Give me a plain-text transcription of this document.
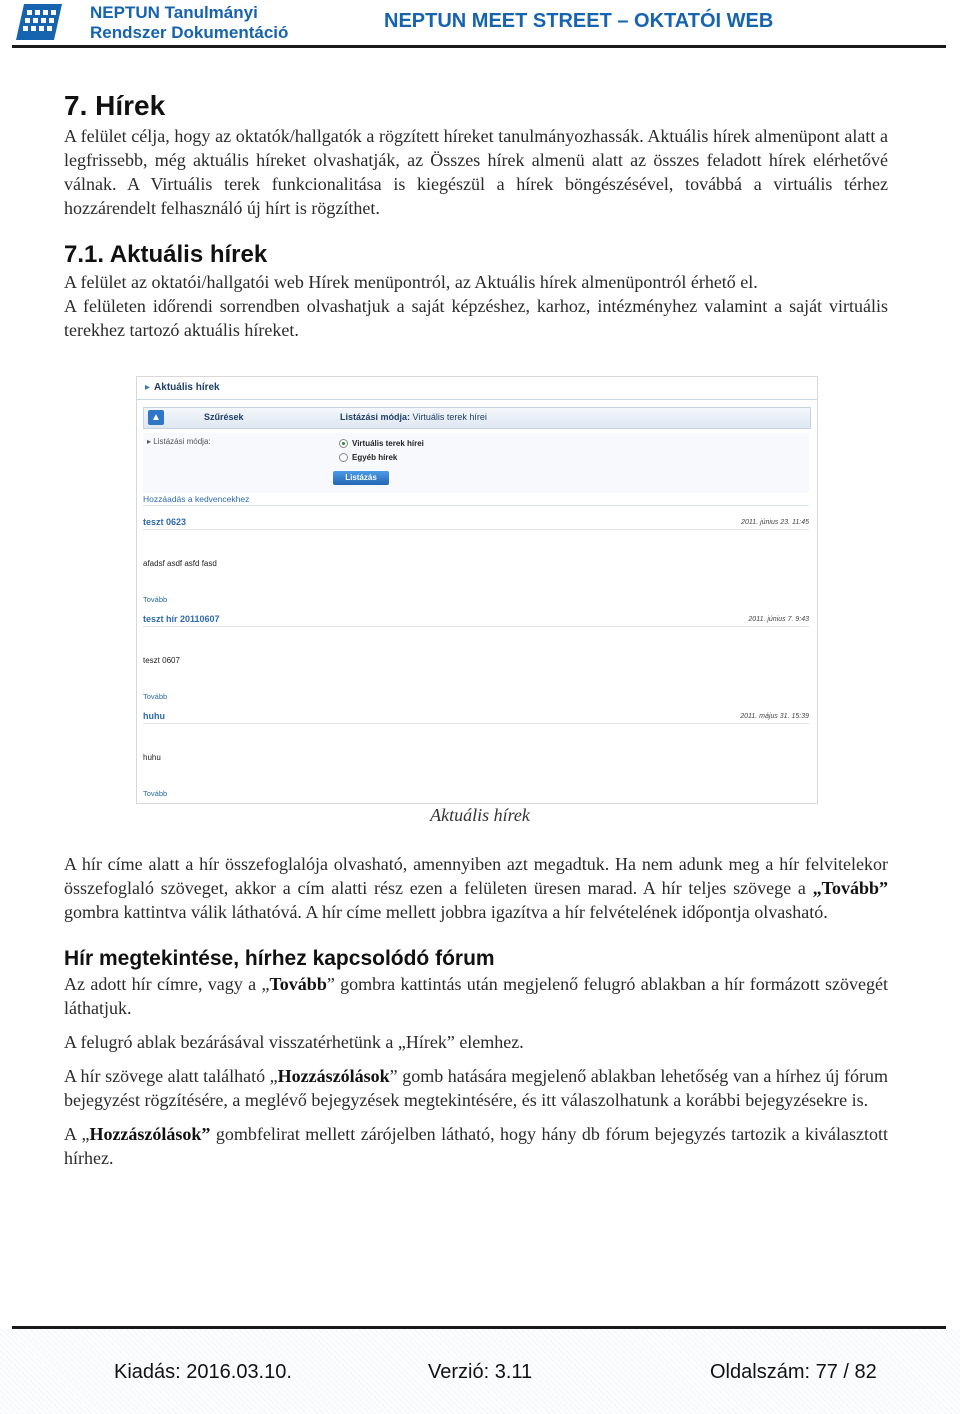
NEPTUN Tanulmányi
Rendszer Dokumentáció
NEPTUN MEET STREET – OKTATÓI WEB
7. Hírek

A felület célja, hogy az oktatók/hallgatók a rögzített híreket tanulmányozhassák. Aktuális hírek almenüpont alatt a legfrissebb, még aktuális híreket olvashatják, az Összes hírek almenü alatt az összes feladott hírek elérhetővé válnak. A Virtuális terek funkcionalitása is kiegészül a hírek böngészésével, továbbá a virtuális térhez hozzárendelt felhasználó új hírt is rögzíthet.

7.1. Aktuális hírek

A felület az oktatói/hallgatói web Hírek menüpontról, az Aktuális hírek almenüpontról érhető el.

A felületen időrendi sorrendben olvashatjuk a saját képzéshez, karhoz, intézményhez valamint a saját virtuális terekhez tartozó aktuális híreket.

▸ Aktuális hírek
▲	Szűrések	Listázási módja: Virtuális terek hírei
▸ Listázási módja:	Virtuális terek hírei
Egyéb hírek
Listázás
Hozzáadás a kedvencekhez
teszt 0623	2011. június 23. 11:45
afadsf asdf asfd fasd
Tovább
teszt hír 20110607	2011. június 7. 9:43
teszt 0607
Tovább
huhu	2011. május 31. 15:39
huhu
Tovább
Aktuális hírek

A hír címe alatt a hír összefoglalója olvasható, amennyiben azt megadtuk. Ha nem adunk meg a hír felvitelekor összefoglaló szöveget, akkor a cím alatti rész ezen a felületen üresen marad. A hír teljes szövege a „Tovább” gombra kattintva válik láthatóvá. A hír címe mellett jobbra igazítva a hír felvételének időpontja olvasható.

Hír megtekintése, hírhez kapcsolódó fórum

Az adott hír címre, vagy a „Tovább” gombra kattintás után megjelenő felugró ablakban a hír formázott szövegét láthatjuk.

A felugró ablak bezárásával visszatérhetünk a „Hírek” elemhez.

A hír szövege alatt található „Hozzászólások” gomb hatására megjelenő ablakban lehetőség van a hírhez új fórum bejegyzést rögzítésére, a meglévő bejegyzések megtekintésére, és itt válaszolhatunk a korábbi bejegyzésekre is.

A „Hozzászólások” gombfelirat mellett zárójelben látható, hogy hány db fórum bejegyzés tartozik a kiválasztott hírhez.

Kiadás: 2016.03.10.	Verzió: 3.11	Oldalszám: 77 / 82
